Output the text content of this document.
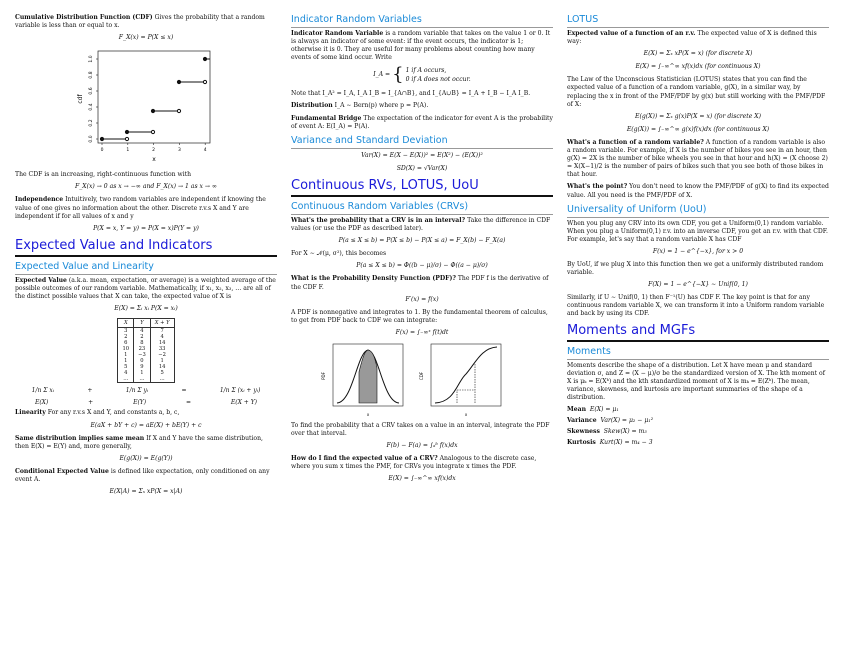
Cumulative Distribution Function (CDF) Gives the probability that a random variable is less than or equal to x.

F_X(x) = P(X ≤ x)
0.0
0.2
0.4
0.6
0.8
1.0
0	1	2	3	4
cdf
x

The CDF is an increasing, right-continuous function with

F_X(x) → 0 as x → −∞ and F_X(x) → 1 as x → ∞

Independence Intuitively, two random variables are independent if knowing the value of one gives no information about the other. Discrete r.v.s X and Y are independent if for all values of x and y

P(X = x, Y = y) = P(X = x)P(Y = y)
Expected Value and Indicators
Expected Value and Linearity

Expected Value (a.k.a. mean, expectation, or average) is a weighted average of the possible outcomes of our random variable. Mathematically, if x₁, x₂, x₃, … are all of the distinct possible values that X can take, the expected value of X is

E(X) = Σᵢ xᵢ P(X = xᵢ)
X	Y	X + Y
3	4	7
2	2	4
6	8	14
10	23	33
1	−3	−2
1	0	1
5	9	14
4	1	5
…	…	…
1/n Σ xᵢ	+	1/n Σ yᵢ	=	1/n Σ (xᵢ + yᵢ)
E(X)	+	E(Y)	=	E(X + Y)

Linearity For any r.v.s X and Y, and constants a, b, c,

E(aX + bY + c) = aE(X) + bE(Y) + c

Same distribution implies same mean If X and Y have the same distribution, then E(X) = E(Y) and, more generally,

E(g(X)) = E(g(Y))

Conditional Expected Value is defined like expectation, only conditioned on any event A.

E(X|A) = Σₓ xP(X = x|A)
Indicator Random Variables

Indicator Random Variable is a random variable that takes on the value 1 or 0. It is always an indicator of some event: if the event occurs, the indicator is 1; otherwise it is 0. They are useful for many problems about counting how many events of some kind occur. Write

I_A = { 1 if A occurs,
0 if A does not occur.

Note that I_A² = I_A, I_A I_B = I_{A∩B}, and I_{A∪B} = I_A + I_B − I_A I_B.

Distribution I_A ∼ Bern(p) where p = P(A).

Fundamental Bridge The expectation of the indicator for event A is the probability of event A: E(I_A) = P(A).

Variance and Standard Deviation
Var(X) = E(X − E(X))² = E(X²) − (E(X))²
SD(X) = √Var(X)
Continuous RVs, LOTUS, UoU
Continuous Random Variables (CRVs)

What's the probability that a CRV is in an interval? Take the difference in CDF values (or use the PDF as described later).

P(a ≤ X ≤ b) = P(X ≤ b) − P(X ≤ a) = F_X(b) − F_X(a)

For X ∼ 𝒩(μ, σ²), this becomes

P(a ≤ X ≤ b) = Φ((b − μ)/σ) − Φ((a − μ)/σ)

What is the Probability Density Function (PDF)? The PDF f is the derivative of the CDF F.

F′(x) = f(x)

A PDF is nonnegative and integrates to 1. By the fundamental theorem of calculus, to get from PDF back to CDF we can integrate:

F(x) = ∫₋∞ˣ f(t)dt
PDF
x
CDF
x

To find the probability that a CRV takes on a value in an interval, integrate the PDF over that interval.

F(b) − F(a) = ∫ₐᵇ f(x)dx

How do I find the expected value of a CRV? Analogous to the discrete case, where you sum x times the PMF, for CRVs you integrate x times the PDF.

E(X) = ∫₋∞^∞ xf(x)dx
LOTUS

Expected value of a function of an r.v. The expected value of X is defined this way:

E(X) = Σₓ xP(X = x) (for discrete X)
E(X) = ∫₋∞^∞ xf(x)dx (for continuous X)

The Law of the Unconscious Statistician (LOTUS) states that you can find the expected value of a function of a random variable, g(X), in a similar way, by replacing the x in front of the PMF/PDF by g(x) but still working with the PMF/PDF of X:

E(g(X)) = Σₓ g(x)P(X = x) (for discrete X)
E(g(X)) = ∫₋∞^∞ g(x)f(x)dx (for continuous X)

What's a function of a random variable? A function of a random variable is also a random variable. For example, if X is the number of bikes you see in an hour, then g(X) = 2X is the number of bike wheels you see in that hour and h(X) = (X choose 2) = X(X−1)/2 is the number of pairs of bikes such that you see both of those bikes in that hour.

What's the point? You don't need to know the PMF/PDF of g(X) to find its expected value. All you need is the PMF/PDF of X.

Universality of Uniform (UoU)

When you plug any CRV into its own CDF, you get a Uniform(0,1) random variable. When you plug a Uniform(0,1) r.v. into an inverse CDF, you get an r.v. with that CDF. For example, let's say that a random variable X has CDF

F(x) = 1 − e^{−x}, for x > 0

By UoU, if we plug X into this function then we get a uniformly distributed random variable.

F(X) = 1 − e^{−X} ∼ Unif(0, 1)

Similarly, if U ∼ Unif(0, 1) then F⁻¹(U) has CDF F. The key point is that for any continuous random variable X, we can transform it into a Uniform random variable and back by using its CDF.

Moments and MGFs
Moments

Moments describe the shape of a distribution. Let X have mean μ and standard deviation σ, and Z = (X − μ)/σ be the standardized version of X. The kth moment of X is μₖ = E(Xᵏ) and the kth standardized moment of X is mₖ = E(Zᵏ). The mean, variance, skewness, and kurtosis are important summaries of the shape of a distribution.

Mean E(X) = μ₁

Variance Var(X) = μ₂ − μ₁²

Skewness Skew(X) = m₃

Kurtosis Kurt(X) = m₄ − 3
